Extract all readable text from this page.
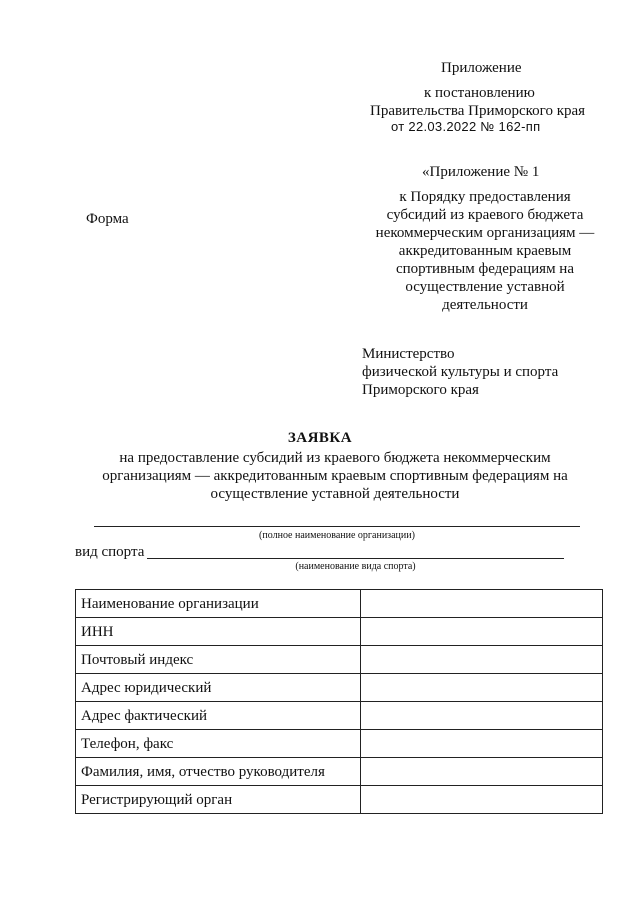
Приложение
к постановлению
Правительства Приморского края
от 22.03.2022 № 162-пп
«Приложение № 1
к Порядку предоставления
субсидий из краевого бюджета
некоммерческим организациям —
аккредитованным краевым
спортивным федерациям на
осуществление уставной
деятельности
Форма
Министерство
физической культуры и спорта
Приморского края
ЗАЯВКА
на предоставление субсидий из краевого бюджета некоммерческим
организациям — аккредитованным краевым спортивным федерациям на
осуществление уставной деятельности
(полное наименование организации)
вид спорта
(наименование вида спорта)
Наименование организации	
ИНН	
Почтовый индекс	
Адрес юридический	
Адрес фактический	
Телефон, факс	
Фамилия, имя, отчество руководителя	
Регистрирующий орган	
